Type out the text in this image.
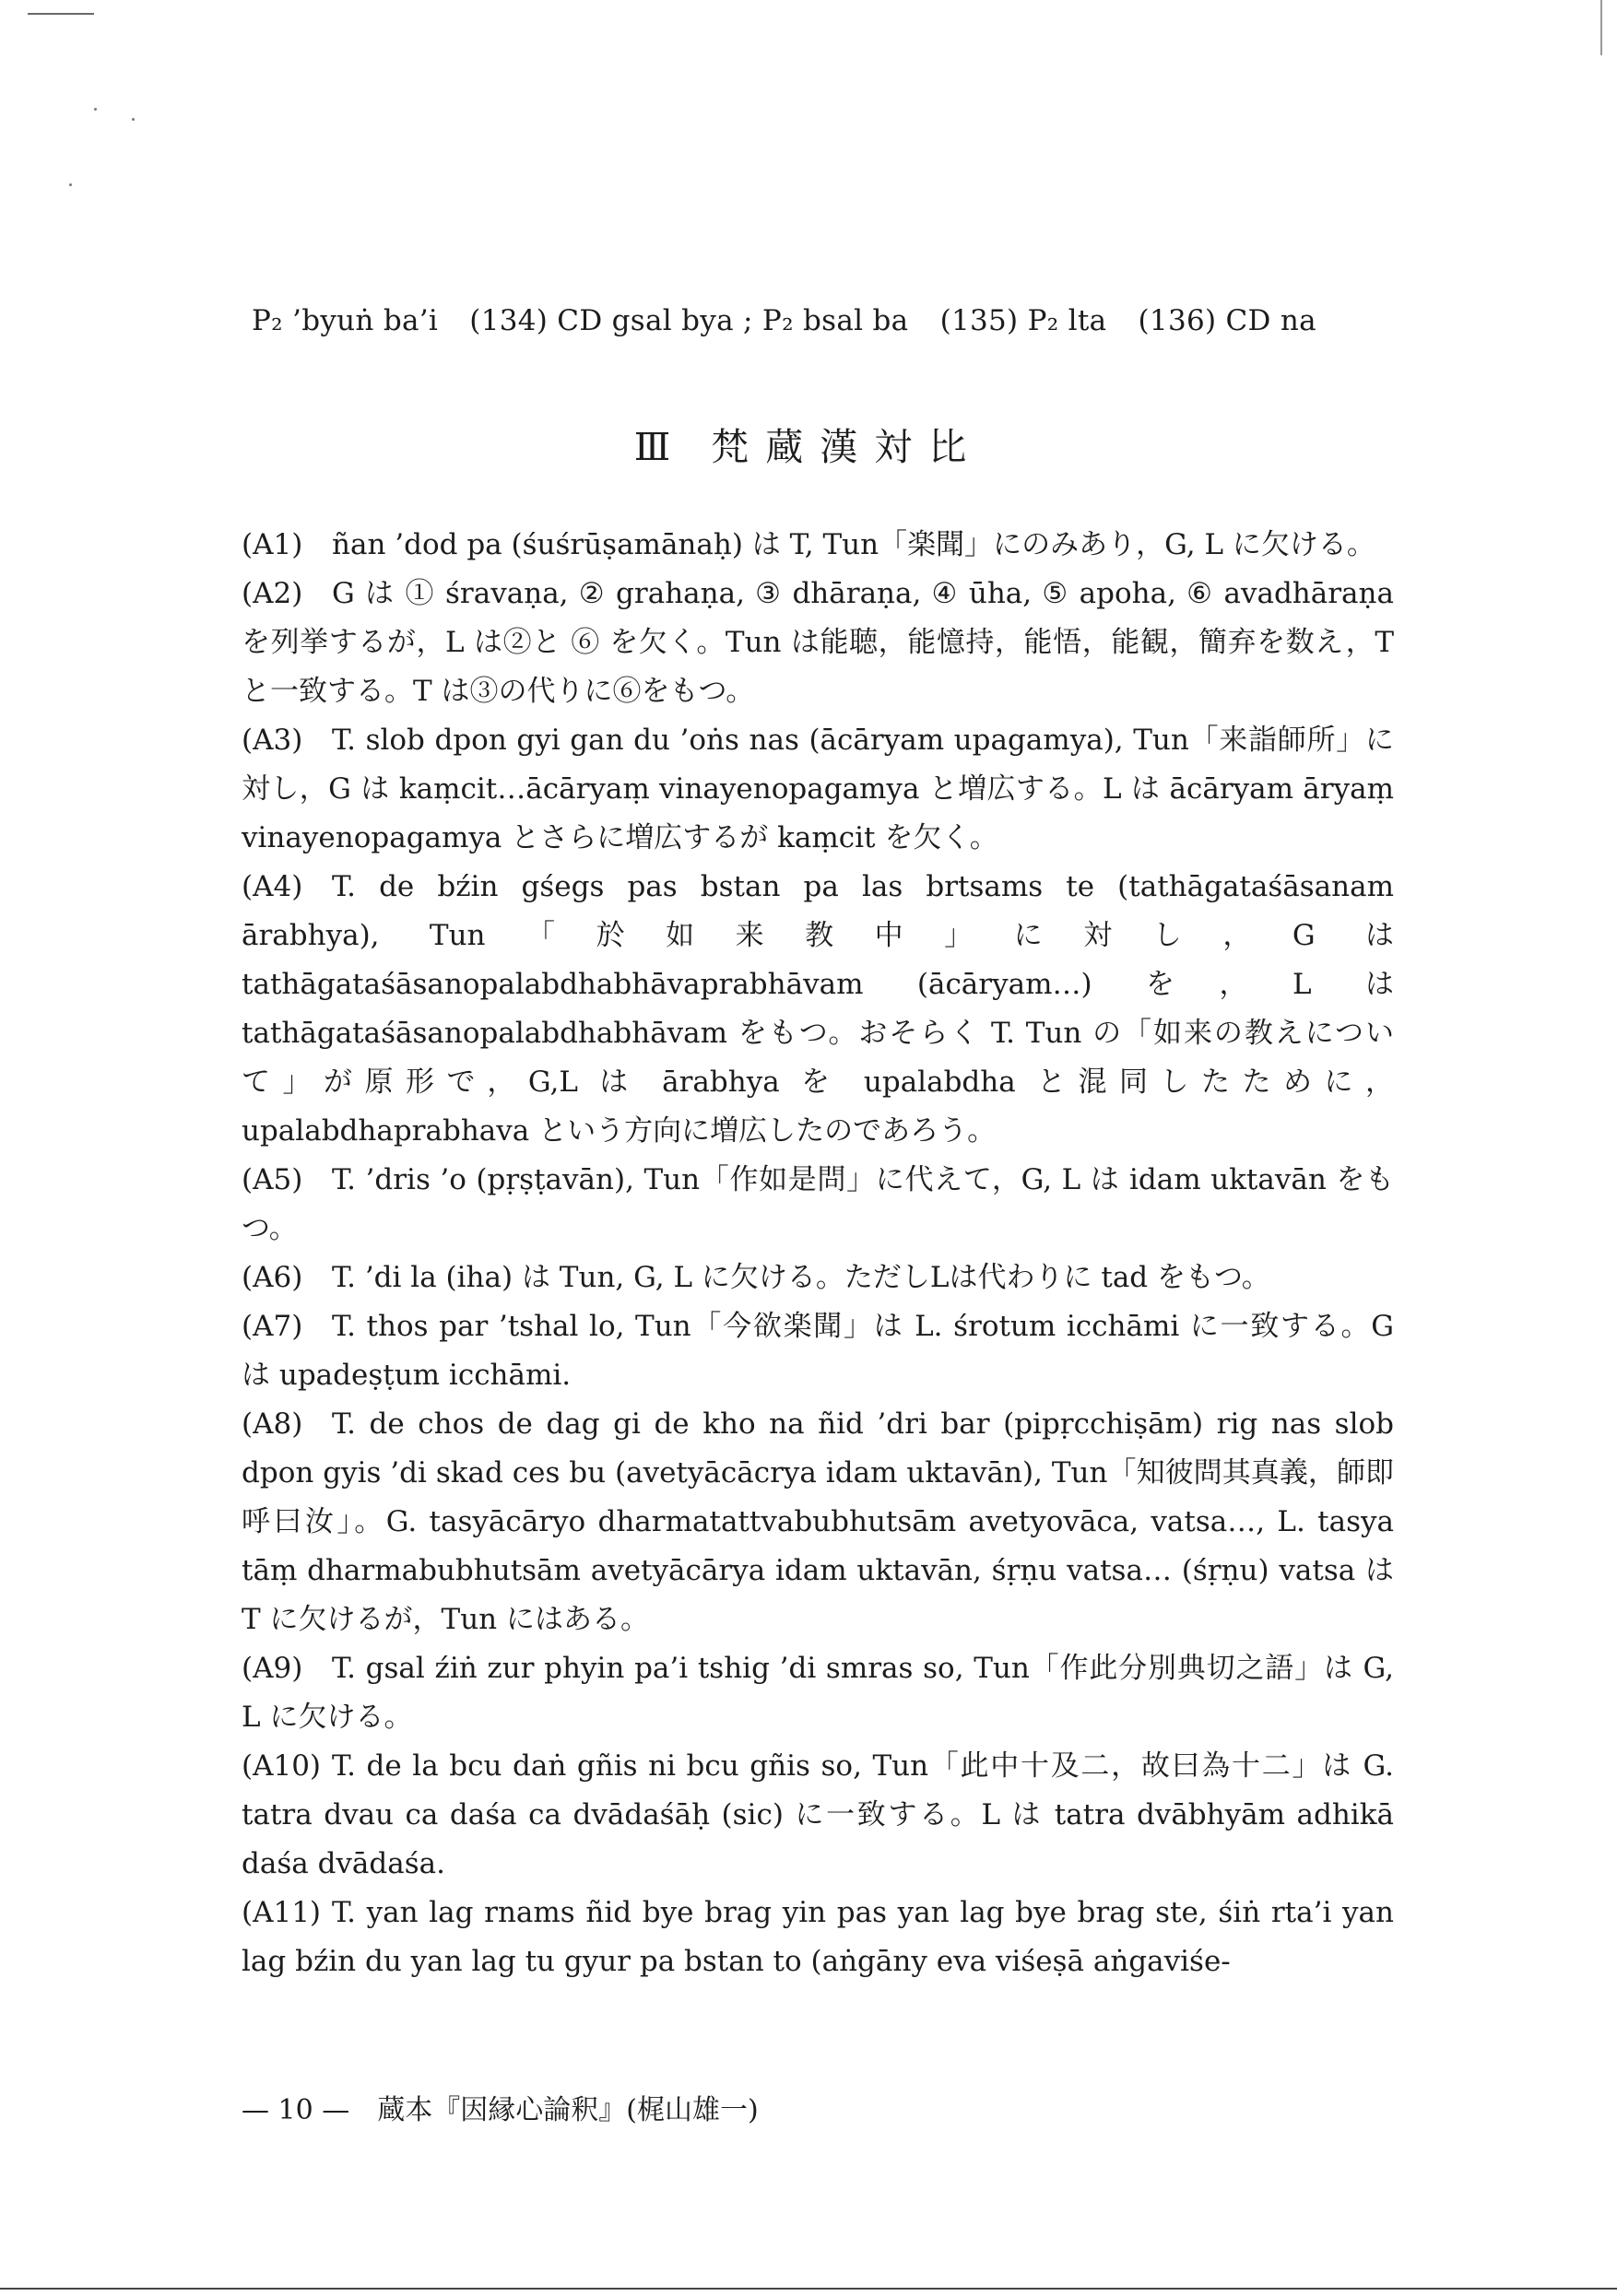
P₂ ’byuṅ ba’i (134) CD gsal bya ; P₂ bsal ba (135) P₂ lta (136) CD na
Ⅲ 梵蔵漢対比
(A1) ñan ’dod pa (śuśrūṣamānaḥ) は T, Tun「楽聞」にのみあり，G, L に欠ける。
(A2) G は ① śravaṇa, ② grahaṇa, ③ dhāraṇa, ④ ūha, ⑤ apoha, ⑥ avadhāraṇa を列挙するが，L は②と ⑥ を欠く。Tun は能聴，能憶持，能悟，能観，簡弃を数え，T と一致する。T は③の代りに⑥をもつ。
(A3) T. slob dpon gyi gan du ’oṅs nas (ācāryam upagamya), Tun「来詣師所」に対し，G は kaṃcit…ācāryaṃ vinayenopagamya と増広する。L は ācāryam āryaṃ vinayenopagamya とさらに増広するが kaṃcit を欠く。
(A4) T. de bźin gśegs pas bstan pa las brtsams te (tathāgataśāsanam ārabhya), Tun「於如来教中」に対し，G は tathāgataśāsanopalabdhabhāvaprabhāvam (ācāryam…) を，L は tathāgataśāsanopalabdhabhāvam をもつ。おそらく T. Tun の「如来の教えについて」が原形で，G,L は ārabhya を upalabdha と混同したために， upalabdhaprabhava という方向に増広したのであろう。
(A5) T. ’dris ’o (pṛṣṭavān), Tun「作如是問」に代えて，G, L は idam uktavān をもつ。
(A6) T. ’di la (iha) は Tun, G, L に欠ける。ただしLは代わりに tad をもつ。
(A7) T. thos par ’tshal lo, Tun「今欲楽聞」は L. śrotum icchāmi に一致する。G は upadeṣṭum icchāmi.
(A8) T. de chos de dag gi de kho na ñid ’dri bar (pipṛcchiṣām) rig nas slob dpon gyis ’di skad ces bu (avetyācācrya idam uktavān), Tun「知彼問其真義，師即呼曰汝」。G. tasyācāryo dharmatattvabubhutsām avetyovāca, vatsa…, L. tasya tāṃ dharmabubhutsām avetyācārya idam uktavān, śṛṇu vatsa… (śṛṇu) vatsa は T に欠けるが，Tun にはある。
(A9) T. gsal źiṅ zur phyin pa’i tshig ’di smras so, Tun「作此分別典切之語」は G, L に欠ける。
(A10) T. de la bcu daṅ gñis ni bcu gñis so, Tun「此中十及二，故曰為十二」は G. tatra dvau ca daśa ca dvādaśāḥ (sic) に一致する。L は tatra dvābhyām adhikā daśa dvādaśa.
(A11) T. yan lag rnams ñid bye brag yin pas yan lag bye brag ste, śiṅ rta’i yan lag bźin du yan lag tu gyur pa bstan to (aṅgāny eva viśeṣā aṅgaviśe-
— 10 — 蔵本『因縁心論釈』(梶山雄一)
